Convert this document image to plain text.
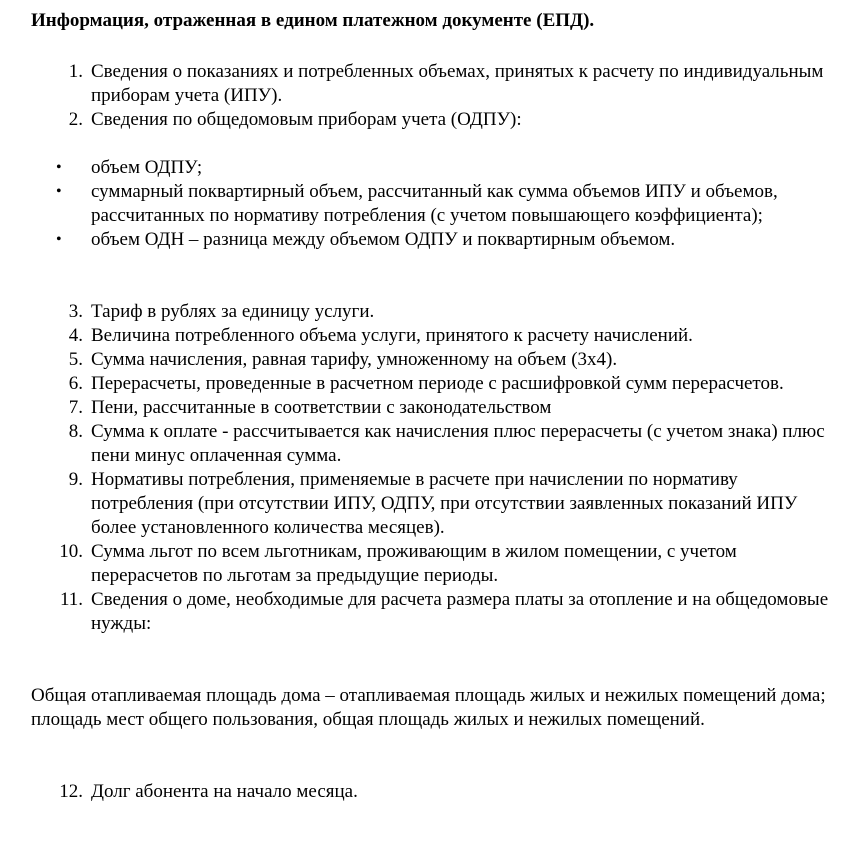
Информация, отраженная в едином платежном документе (ЕПД).
1. Сведения о показаниях и потребленных объемах, принятых к расчету по индивидуальным приборам учета (ИПУ).
2. Сведения по общедомовым приборам учета (ОДПУ):
• объем ОДПУ;
• суммарный поквартирный объем, рассчитанный как сумма объемов ИПУ и объемов, рассчитанных по нормативу потребления (с учетом повышающего коэффициента);
• объем ОДН – разница между объемом ОДПУ и поквартирным объемом.
3. Тариф в рублях за единицу услуги.
4. Величина потребленного объема услуги, принятого к расчету начислений.
5. Сумма начисления, равная тарифу, умноженному на объем (3x4).
6. Перерасчеты, проведенные в расчетном периоде с расшифровкой сумм перерасчетов.
7. Пени, рассчитанные в соответствии с законодательством
8. Сумма к оплате - рассчитывается как начисления плюс перерасчеты (с учетом знака) плюс пени минус оплаченная сумма.
9. Нормативы потребления, применяемые в расчете при начислении по нормативу потребления (при отсутствии ИПУ, ОДПУ, при отсутствии заявленных показаний ИПУ более установленного количества месяцев).
10. Сумма льгот по всем льготникам, проживающим в жилом помещении, с учетом перерасчетов по льготам за предыдущие периоды.
11. Сведения о доме, необходимые для расчета размера платы за отопление и на общедомовые нужды:
Общая отапливаемая площадь дома – отапливаемая площадь жилых и нежилых помещений дома; площадь мест общего пользования, общая площадь жилых и нежилых помещений.
12. Долг абонента на начало месяца.
